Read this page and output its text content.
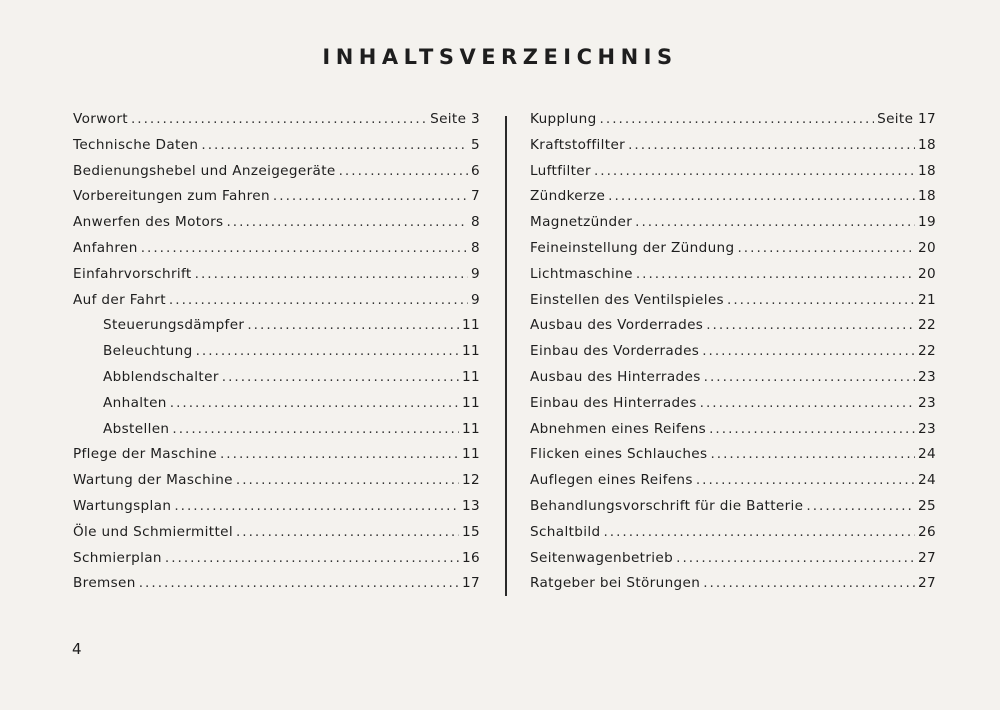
INHALTSVERZEICHNIS
Vorwort .....	Seite 3
Technische Daten .....	5
Bedienungshebel und Anzeigegeräte .....	6
Vorbereitungen zum Fahren .....	7
Anwerfen des Motors .....	8
Anfahren .....	8
Einfahrvorschrift .....	9
Auf der Fahrt .....	9
Steuerungsdämpfer .....	11
Beleuchtung .....	11
Abblendschalter .....	11
Anhalten .....	11
Abstellen .....	11
Pflege der Maschine .....	11
Wartung der Maschine .....	12
Wartungsplan .....	13
Öle und Schmiermittel .....	15
Schmierplan .....	16
Bremsen .....	17
Kupplung .....	Seite 17
Kraftstoffilter .....	18
Luftfilter .....	18
Zündkerze .....	18
Magnetzünder .....	19
Feineinstellung der Zündung .....	20
Lichtmaschine .....	20
Einstellen des Ventilspieles .....	21
Ausbau des Vorderrades .....	22
Einbau des Vorderrades .....	22
Ausbau des Hinterrades .....	23
Einbau des Hinterrades .....	23
Abnehmen eines Reifens .....	23
Flicken eines Schlauches .....	24
Auflegen eines Reifens .....	24
Behandlungsvorschrift für die Batterie .....	25
Schaltbild .....	26
Seitenwagenbetrieb .....	27
Ratgeber bei Störungen .....	27
4
